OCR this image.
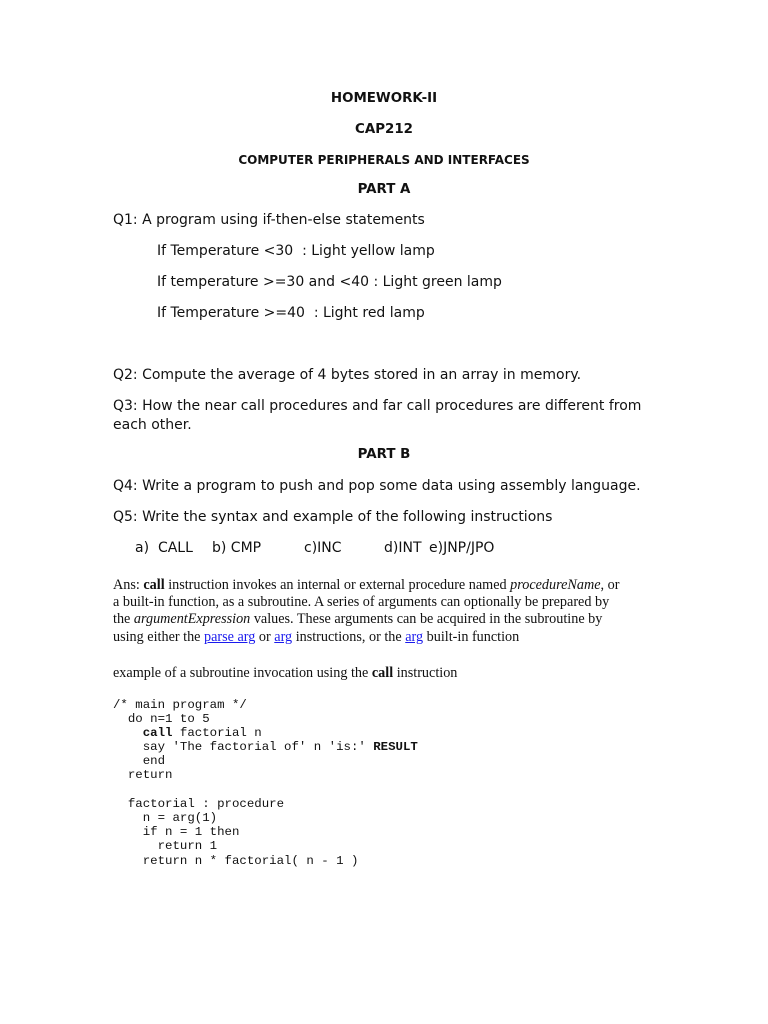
HOMEWORK-II
CAP212
COMPUTER PERIPHERALS AND INTERFACES
PART A
Q1: A program using if-then-else statements
If Temperature <30  : Light yellow lamp
If temperature >=30 and <40 : Light green lamp
If Temperature >=40  : Light red lamp
Q2: Compute the average of 4 bytes stored in an array in memory.
Q3: How the near call procedures and far call procedures are different from
each other.
PART B
Q4: Write a program to push and pop some data using assembly language.
Q5: Write the syntax and example of the following instructions
a)  CALL b) CMP	c)INC	d)INT e)JNP/JPO

Ans: call instruction invokes an internal or external procedure named procedureName, or

a built-in function, as a subroutine. A series of arguments can optionally be prepared by

the argumentExpression values. These arguments can be acquired in the subroutine by

using either the parse arg or arg instructions, or the arg built-in function

example of a subroutine invocation using the call instruction
/* main program */
do n=1 to 5
call factorial n
say 'The factorial of' n 'is:' RESULT
end
return
factorial : procedure
n = arg(1)
if n = 1 then
return 1
return n * factorial( n - 1 )
